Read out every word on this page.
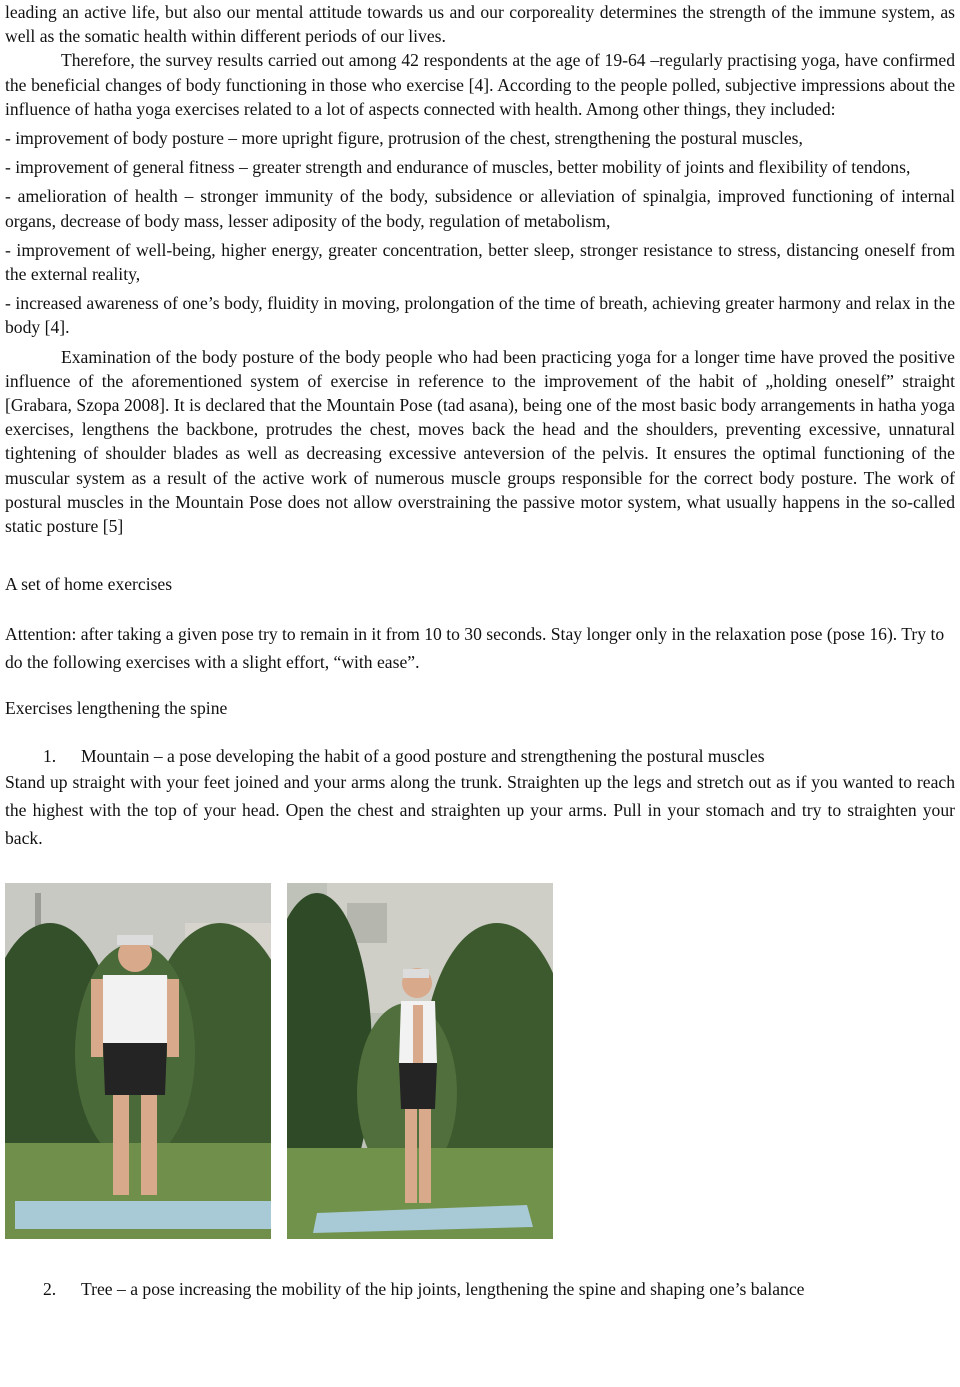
leading an active life, but also our mental attitude towards us and our corporeality determines the strength of the immune system, as well as the somatic health within different periods of our lives.

Therefore, the survey results carried out among 42 respondents at the age of 19-64 –regularly practising yoga, have confirmed the beneficial changes of body functioning in those who exercise [4]. According to the people polled, subjective impressions about the influence of hatha yoga exercises related to a lot of aspects connected with health. Among other things, they included:

- improvement of body posture – more upright figure, protrusion of the chest, strengthening the postural muscles,

- improvement of general fitness – greater strength and endurance of muscles, better mobility of joints and flexibility of tendons,

- amelioration of health – stronger immunity of the body, subsidence or alleviation of spinalgia, improved functioning of internal organs, decrease of body mass, lesser adiposity of the body, regulation of metabolism,

- improvement of well-being, higher energy, greater concentration, better sleep, stronger resistance to stress, distancing oneself from the external reality,

- increased awareness of one’s body, fluidity in moving, prolongation of the time of breath, achieving greater harmony and relax in the body [4].

Examination of the body posture of the body people who had been practicing yoga for a longer time have proved the positive influence of the aforementioned system of exercise in reference to the improvement of the habit of „holding oneself” straight [Grabara, Szopa 2008]. It is declared that the Mountain Pose (tad asana), being one of the most basic body arrangements in hatha yoga exercises, lengthens the backbone, protrudes the chest, moves back the head and the shoulders, preventing excessive, unnatural tightening of shoulder blades as well as decreasing excessive anteversion of the pelvis. It ensures the optimal functioning of the muscular system as a result of the active work of numerous muscle groups responsible for the correct body posture. The work of postural muscles in the Mountain Pose does not allow overstraining the passive motor system, what usually happens in the so-called static posture [5]

A set of home exercises

Attention: after taking a given pose try to remain in it from 10 to 30 seconds. Stay longer only in the relaxation pose (pose 16). Try to do the following exercises with a slight effort, “with ease”.

Exercises lengthening the spine

1. Mountain – a pose developing the habit of a good posture and strengthening the postural muscles

Stand up straight with your feet joined and your arms along the trunk. Straighten up the legs and stretch out as if you wanted to reach the highest with the top of your head. Open the chest and straighten up your arms. Pull in your stomach and try to straighten your back.

2. Tree – a pose increasing the mobility of the hip joints, lengthening the spine and shaping one’s balance
